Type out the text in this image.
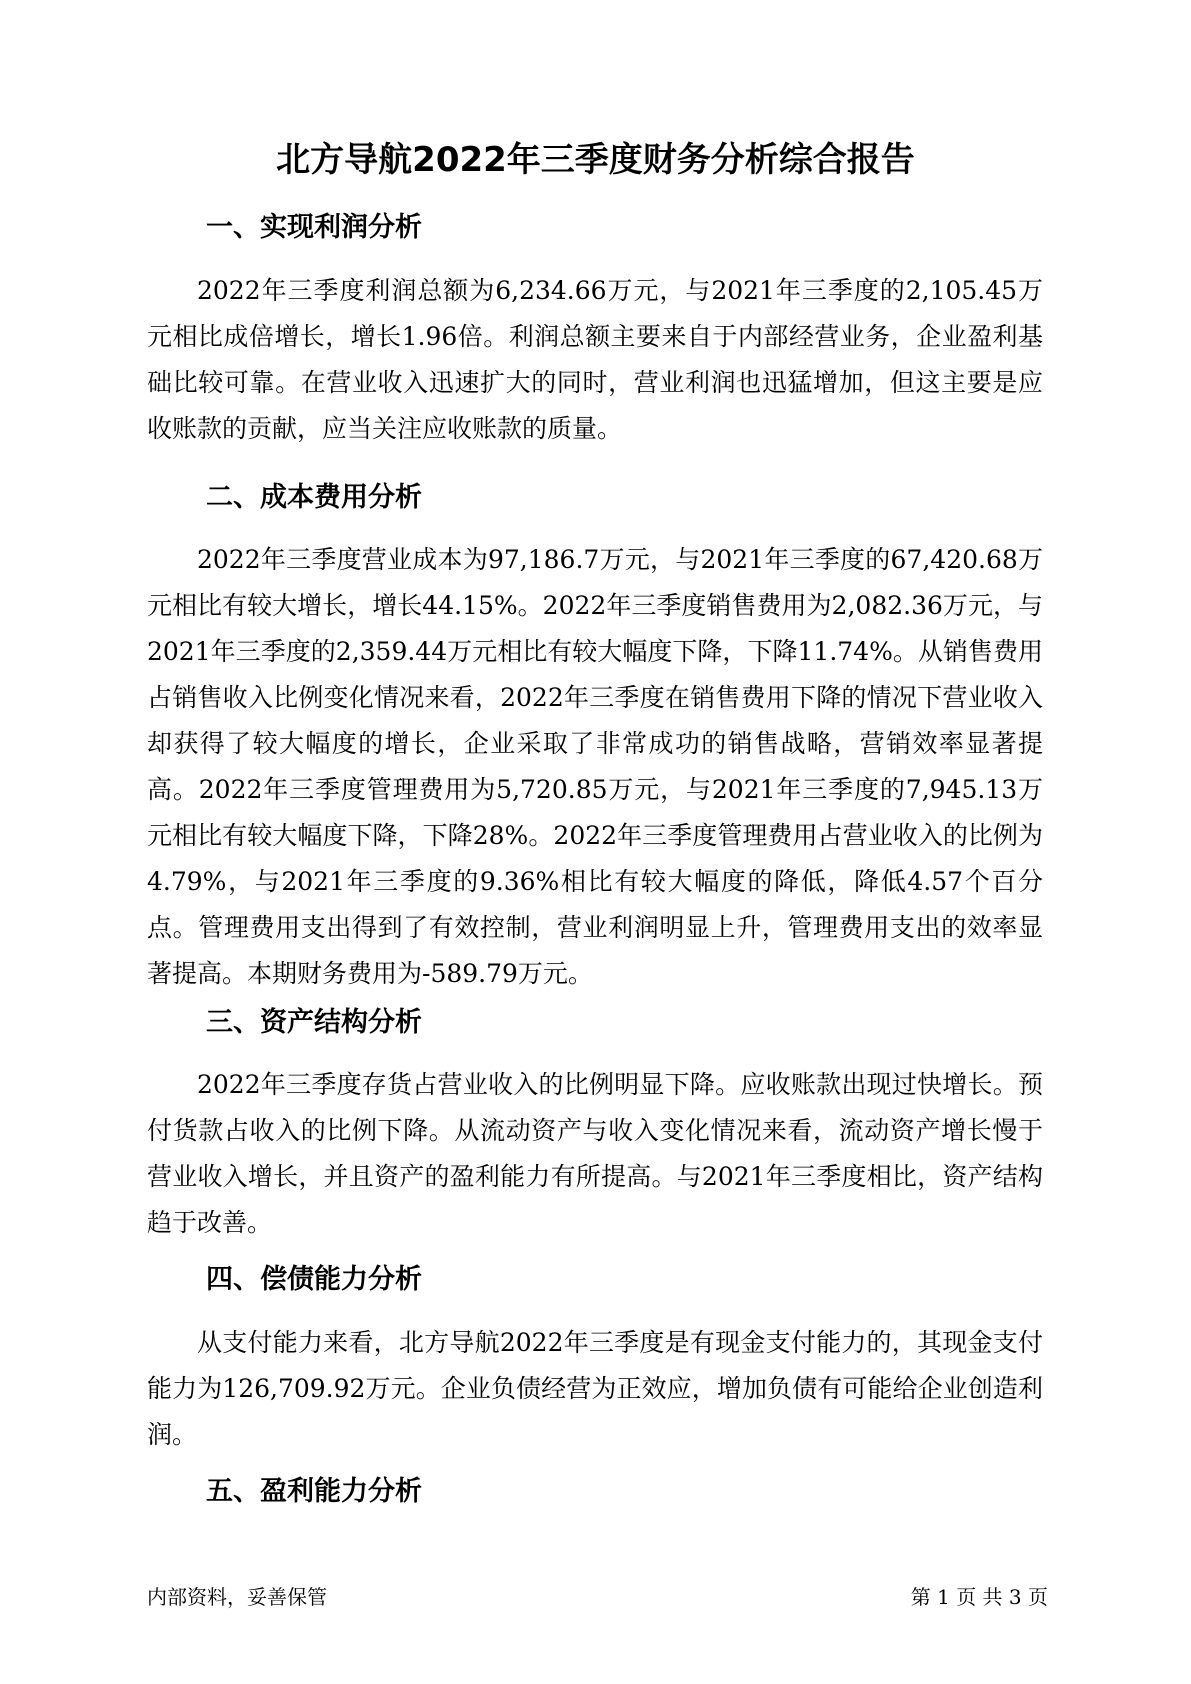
北方导航2022年三季度财务分析综合报告
一、实现利润分析

2022年三季度利润总额为6,234.66万元，与2021年三季度的2,105.45万元相比成倍增长，增长1.96倍。利润总额主要来自于内部经营业务，企业盈利基础比较可靠。在营业收入迅速扩大的同时，营业利润也迅猛增加，但这主要是应收账款的贡献，应当关注应收账款的质量。

二、成本费用分析

2022年三季度营业成本为97,186.7万元，与2021年三季度的67,420.68万元相比有较大增长，增长44.15%。2022年三季度销售费用为2,082.36万元，与2021年三季度的2,359.44万元相比有较大幅度下降，下降11.74%。从销售费用占销售收入比例变化情况来看，2022年三季度在销售费用下降的情况下营业收入却获得了较大幅度的增长，企业采取了非常成功的销售战略，营销效率显著提高。2022年三季度管理费用为5,720.85万元，与2021年三季度的7,945.13万元相比有较大幅度下降，下降28%。2022年三季度管理费用占营业收入的比例为4.79%，与2021年三季度的9.36%相比有较大幅度的降低，降低4.57个百分点。管理费用支出得到了有效控制，营业利润明显上升，管理费用支出的效率显著提高。本期财务费用为-589.79万元。

三、资产结构分析

2022年三季度存货占营业收入的比例明显下降。应收账款出现过快增长。预付货款占收入的比例下降。从流动资产与收入变化情况来看，流动资产增长慢于营业收入增长，并且资产的盈利能力有所提高。与2021年三季度相比，资产结构趋于改善。

四、偿债能力分析

从支付能力来看，北方导航2022年三季度是有现金支付能力的，其现金支付能力为126,709.92万元。企业负债经营为正效应，增加负债有可能给企业创造利润。

五、盈利能力分析
内部资料，妥善保管	第 1 页 共 3 页
